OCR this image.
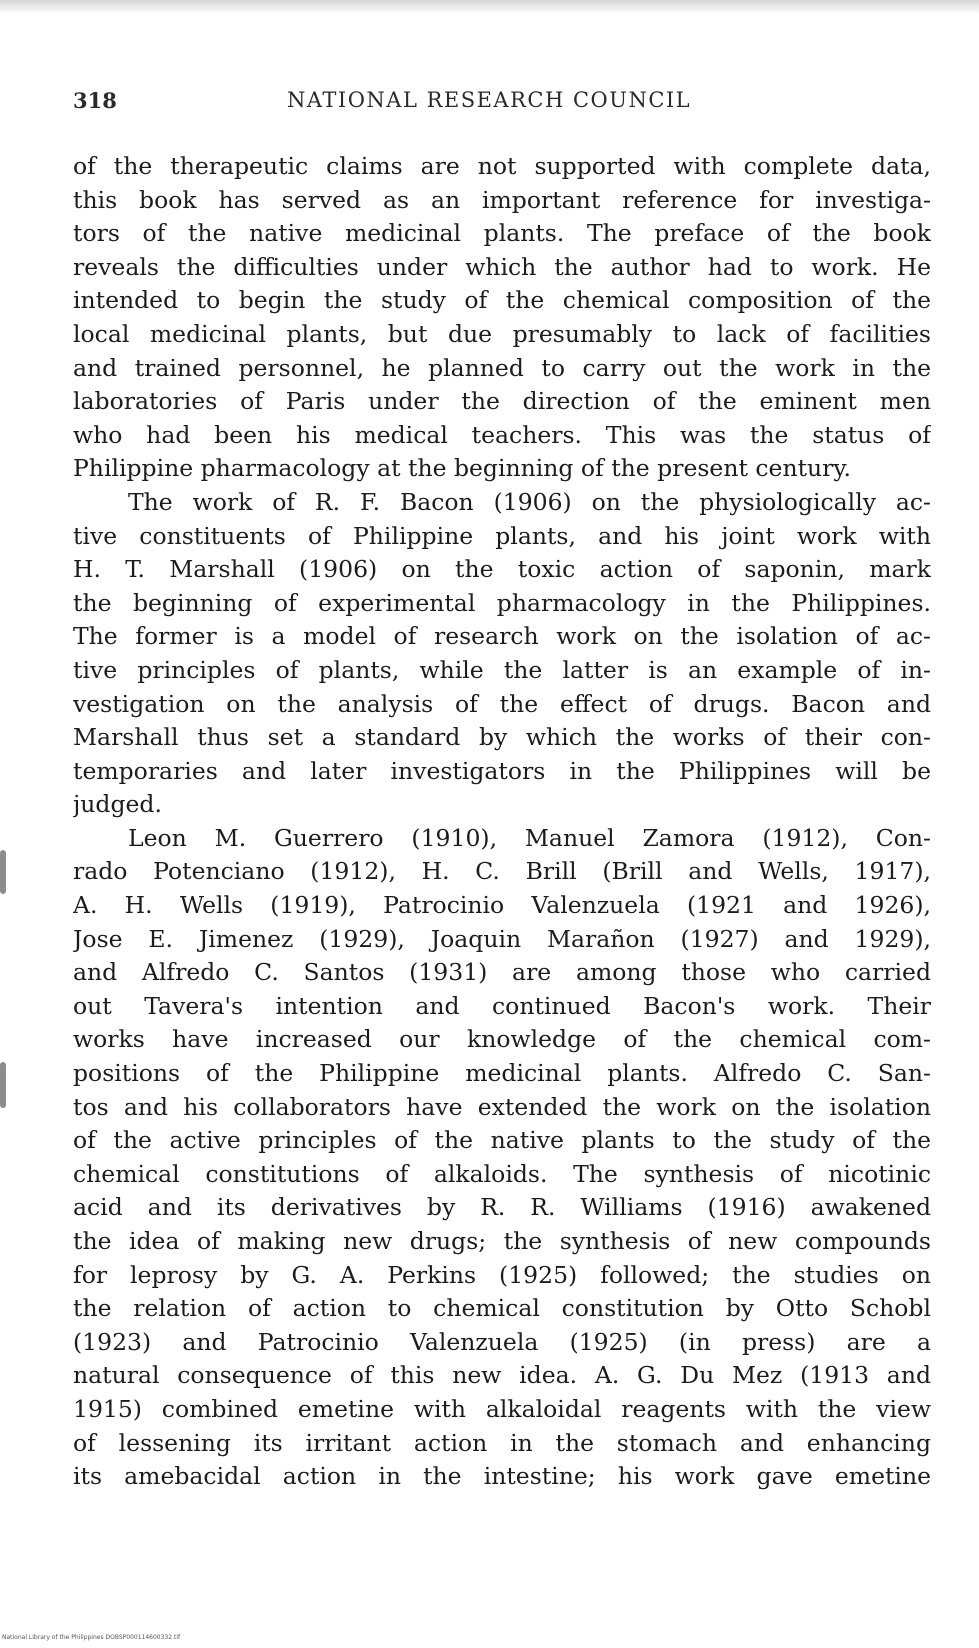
318	NATIONAL RESEARCH COUNCIL
of the therapeutic claims are not supported with complete data,
this book has served as an important reference for investiga-
tors of the native medicinal plants. The preface of the book
reveals the difficulties under which the author had to work. He
intended to begin the study of the chemical composition of the
local medicinal plants, but due presumably to lack of facilities
and trained personnel, he planned to carry out the work in the
laboratories of Paris under the direction of the eminent men
who had been his medical teachers. This was the status of
Philippine pharmacology at the beginning of the present century.
The work of R. F. Bacon (1906) on the physiologically ac-
tive constituents of Philippine plants, and his joint work with
H. T. Marshall (1906) on the toxic action of saponin, mark
the beginning of experimental pharmacology in the Philippines.
The former is a model of research work on the isolation of ac-
tive principles of plants, while the latter is an example of in-
vestigation on the analysis of the effect of drugs. Bacon and
Marshall thus set a standard by which the works of their con-
temporaries and later investigators in the Philippines will be
judged.
Leon M. Guerrero (1910), Manuel Zamora (1912), Con-
rado Potenciano (1912), H. C. Brill (Brill and Wells, 1917),
A. H. Wells (1919), Patrocinio Valenzuela (1921 and 1926),
Jose E. Jimenez (1929), Joaquin Marañon (1927) and 1929),
and Alfredo C. Santos (1931) are among those who carried
out Tavera's intention and continued Bacon's work. Their
works have increased our knowledge of the chemical com-
positions of the Philippine medicinal plants. Alfredo C. San-
tos and his collaborators have extended the work on the isolation
of the active principles of the native plants to the study of the
chemical constitutions of alkaloids. The synthesis of nicotinic
acid and its derivatives by R. R. Williams (1916) awakened
the idea of making new drugs; the synthesis of new compounds
for leprosy by G. A. Perkins (1925) followed; the studies on
the relation of action to chemical constitution by Otto Schobl
(1923) and Patrocinio Valenzuela (1925) (in press) are a
natural consequence of this new idea. A. G. Du Mez (1913 and
1915) combined emetine with alkaloidal reagents with the view
of lessening its irritant action in the stomach and enhancing
its amebacidal action in the intestine; his work gave emetine
National Library of the Philippines DOBSP000114600332.tif
